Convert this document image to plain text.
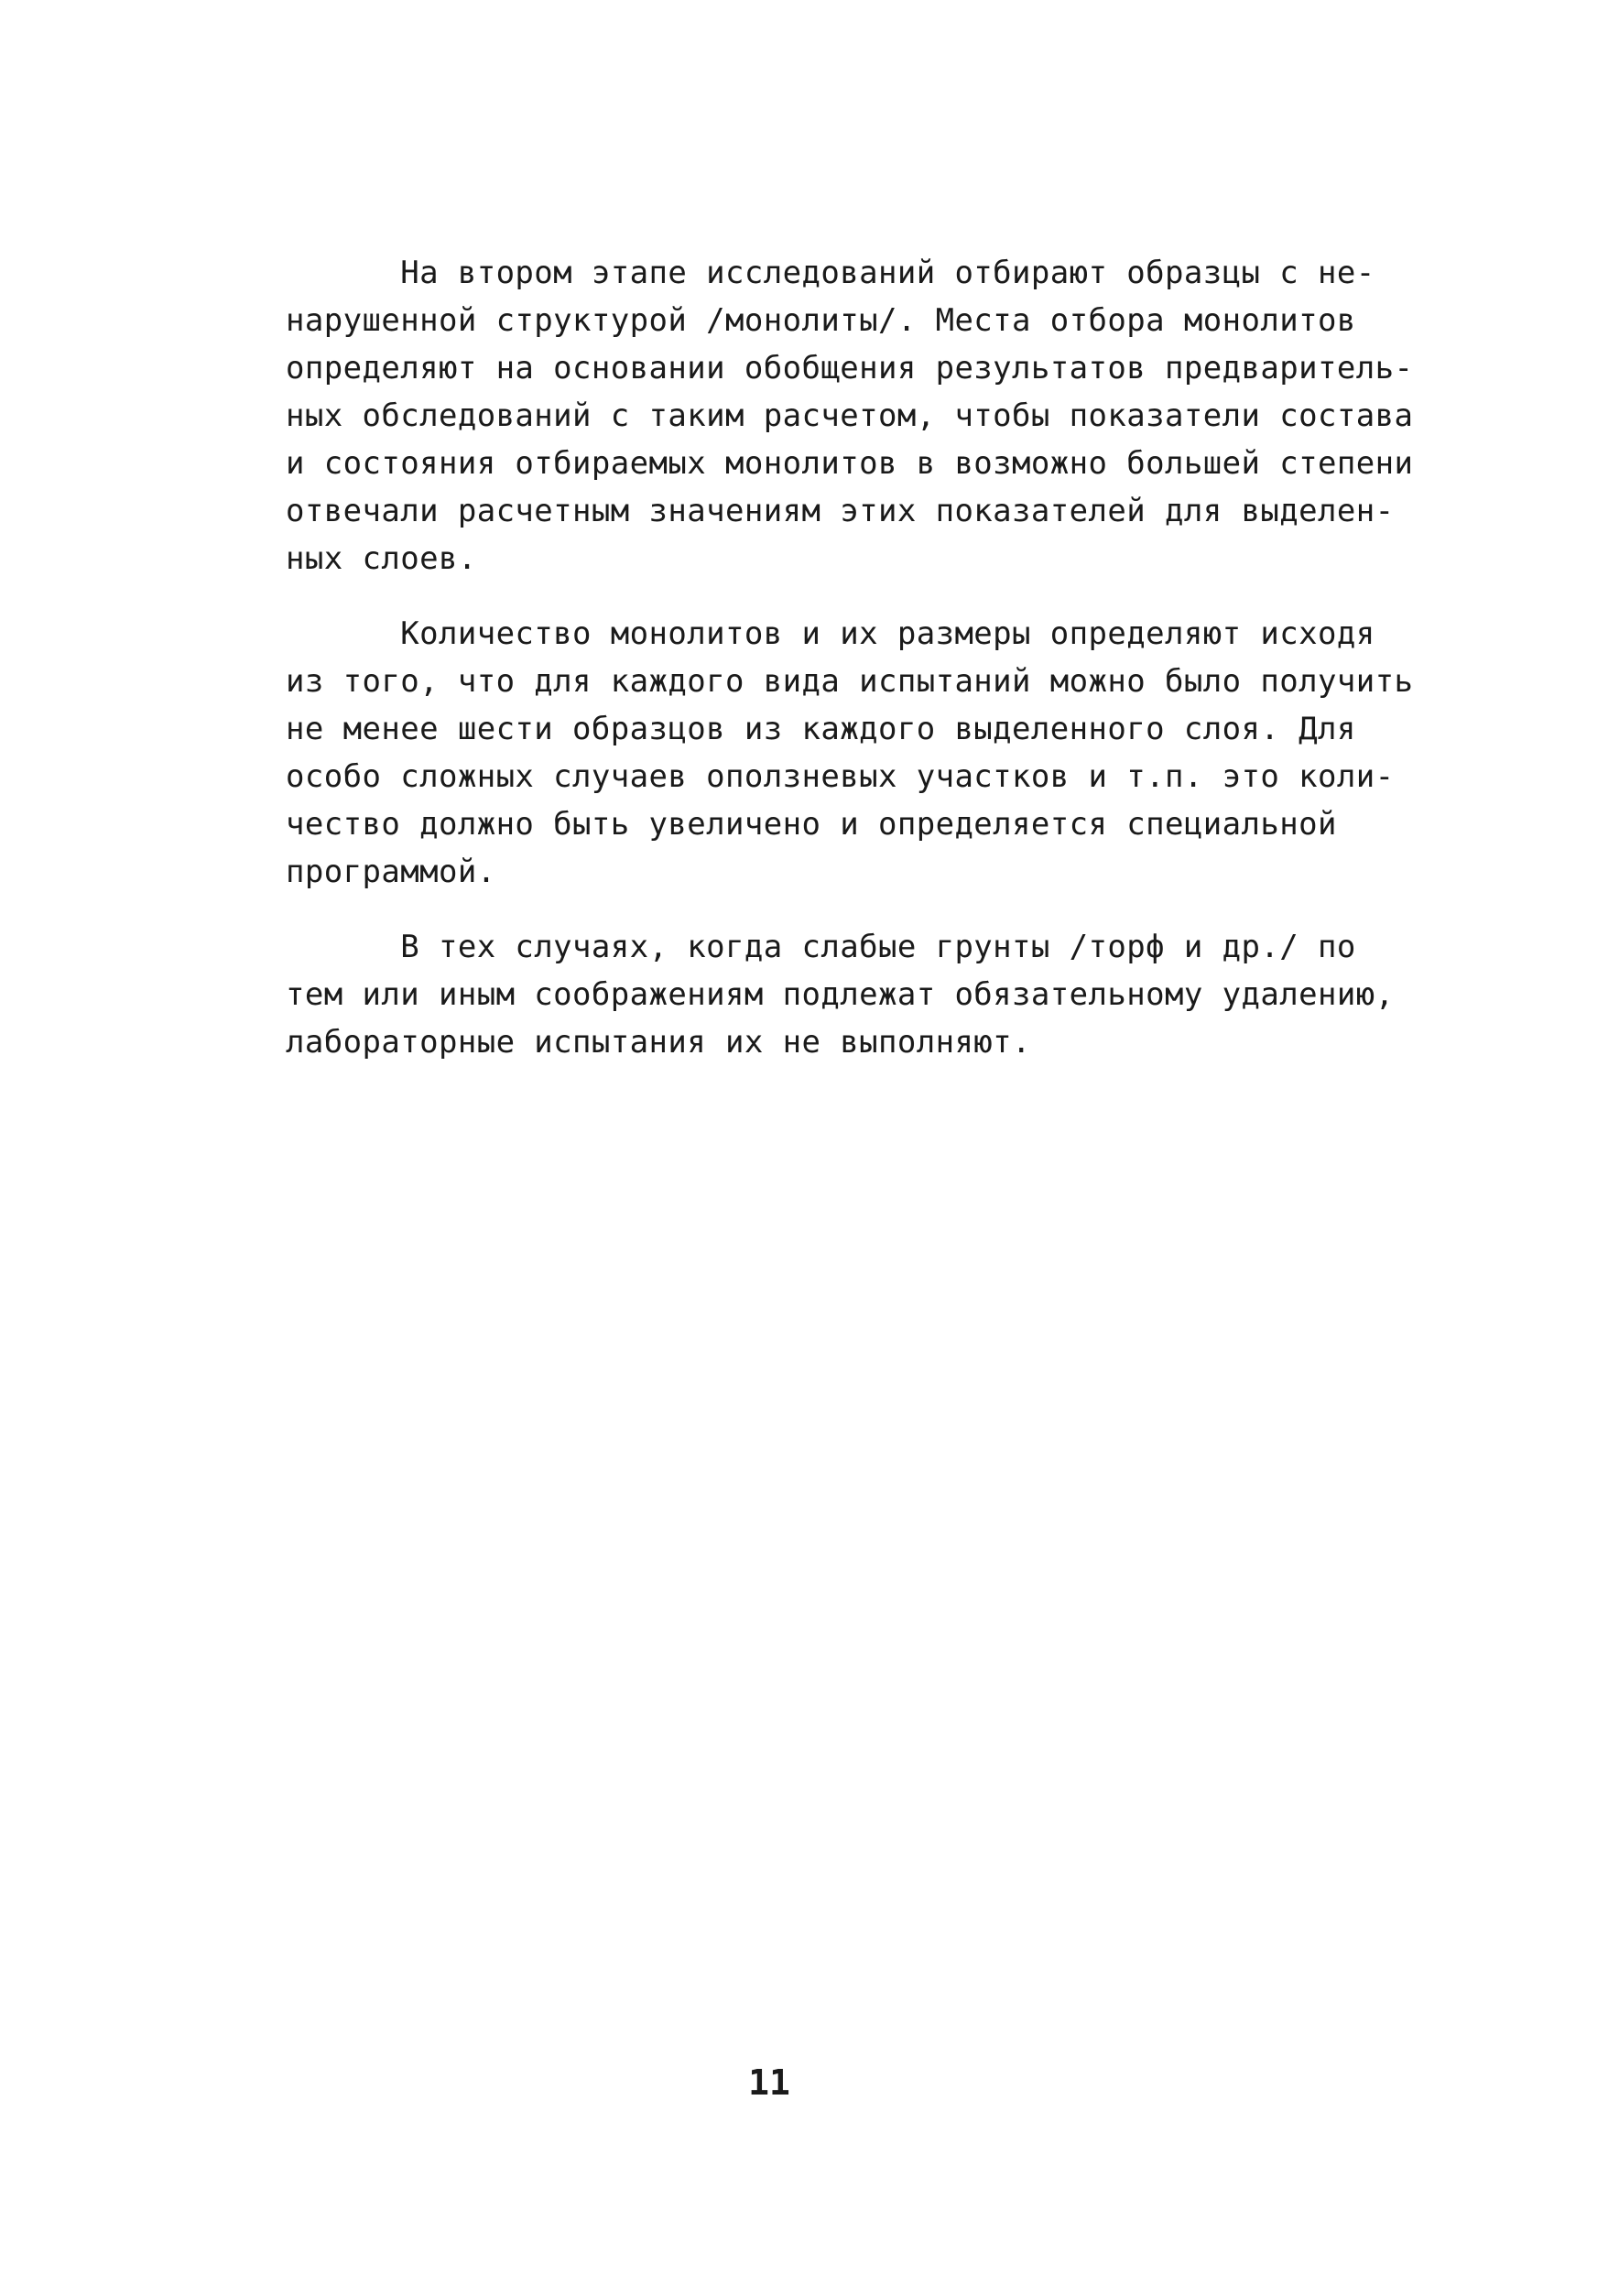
На втором этапе исследований отбирают образцы с не-
нарушенной структурой /монолиты/. Места отбора монолитов
определяют на основании обобщения результатов предваритель-
ных обследований с таким расчетом, чтобы показатели состава
и состояния отбираемых монолитов в возможно большей степени
отвечали расчетным значениям этих показателей для выделен-
ных слоев.

Количество монолитов и их размеры определяют исходя
из того, что для каждого вида испытаний можно было получить
не менее шести образцов из каждого выделенного слоя. Для
особо сложных случаев оползневых участков и т.п. это коли-
чество должно быть увеличено и определяется специальной
программой.

В тех случаях, когда слабые грунты /торф и др./ по
тем или иным соображениям подлежат обязательному удалению,
лабораторные испытания их не выполняют.

11
